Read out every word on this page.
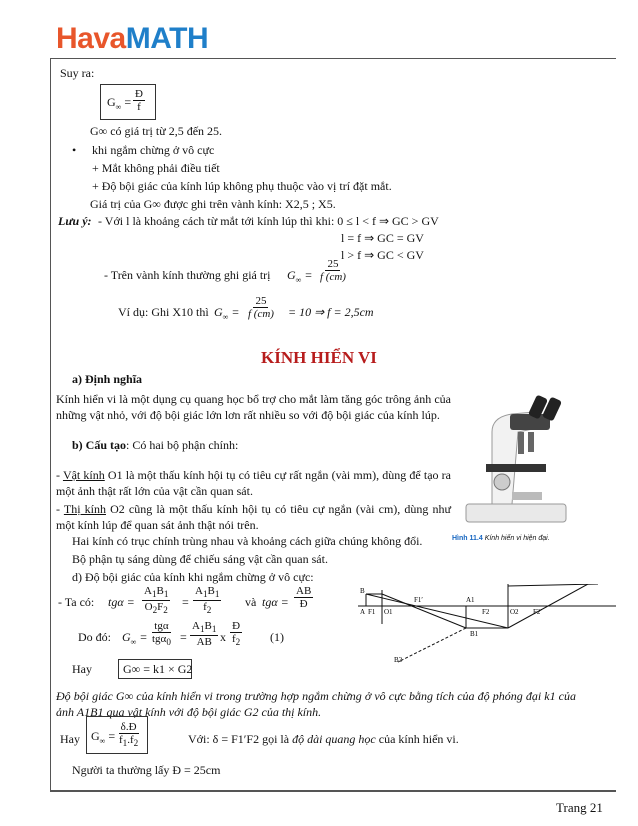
HavaMATH
Suy ra:
$G_\infty = \frac{Đ}{f}$
G∞ có giá trị từ 2,5 đến 25.
• khi ngắm chừng ở vô cực
+ Mắt không phải điều tiết
+ Độ bội giác của kính lúp không phụ thuộc vào vị trí đặt mắt.
Giá trị của G∞ được ghi trên vành kính: X2,5 ; X5.
Lưu ý: - Với l là khoảng cách từ mắt tới kính lúp thì khi: 0 ≤ l < f ⇒ GC > GV
l = f ⇒ GC = GV
l > f ⇒ GC < GV
- Trên vành kính thường ghi giá trị $G_\infty = \frac{25}{f (cm)}$
Ví dụ: Ghi X10 thì $G_\infty = \frac{25}{f (cm)} = 10$ ⇒ f = 2,5cm
KÍNH HIỂN VI
a) Định nghĩa
Kính hiển vi là một dụng cụ quang học bổ trợ cho mắt làm tăng góc trông ảnh của những vật nhỏ, với độ bội giác lớn lơn rất nhiều so với độ bội giác của kính lúp.
b) Cấu tạo: Có hai bộ phận chính:
- Vật kính O1 là một thấu kính hội tụ có tiêu cự rất ngắn (vài mm), dùng để tạo ra một ảnh thật rất lớn của vật cần quan sát.
- Thị kính O2 cũng là một thấu kính hội tụ có tiêu cự ngắn (vài cm), dùng như một kính lúp để quan sát ảnh thật nói trên.
Hai kính có trục chính trùng nhau và khoảng cách giữa chúng không đổi.
Bộ phận tụ sáng dùng để chiếu sáng vật cần quan sát.
d) Độ bội giác của kính khi ngắm chừng ở vô cực:
Hình 11.4 Kính hiển vi hiện đại.
B
A F1 O1
F1′	A1
F2	O2 F2′
B1
B2
- Ta có: $tg\alpha = \frac{A_1B_1}{O_2F_2} = \frac{A_1B_1}{f_2}$ và $tg\alpha = \frac{AB}{Đ}$
Do đó: $G_\infty$ =
tgα
$tg\alpha_0 = \frac{A_1B_1}{AB}$ x $\frac{Đ}{f_2} (1)$
Hay	G∞ = k1 × G2
Độ bội giác G∞ của kính hiển vi trong trường hợp ngắm chừng ở vô cực bằng tích của độ phóng đại k1 của ảnh A1B1 qua vật kính với độ bội giác G2 của thị kính.
Hay $G_\infty = \frac{\delta.Đ}{f_1.f_2}$	Với: δ = F1′F2 gọi là độ dài quang học của kính hiển vi.
Người ta thường lấy Đ = 25cm
Trang 21
